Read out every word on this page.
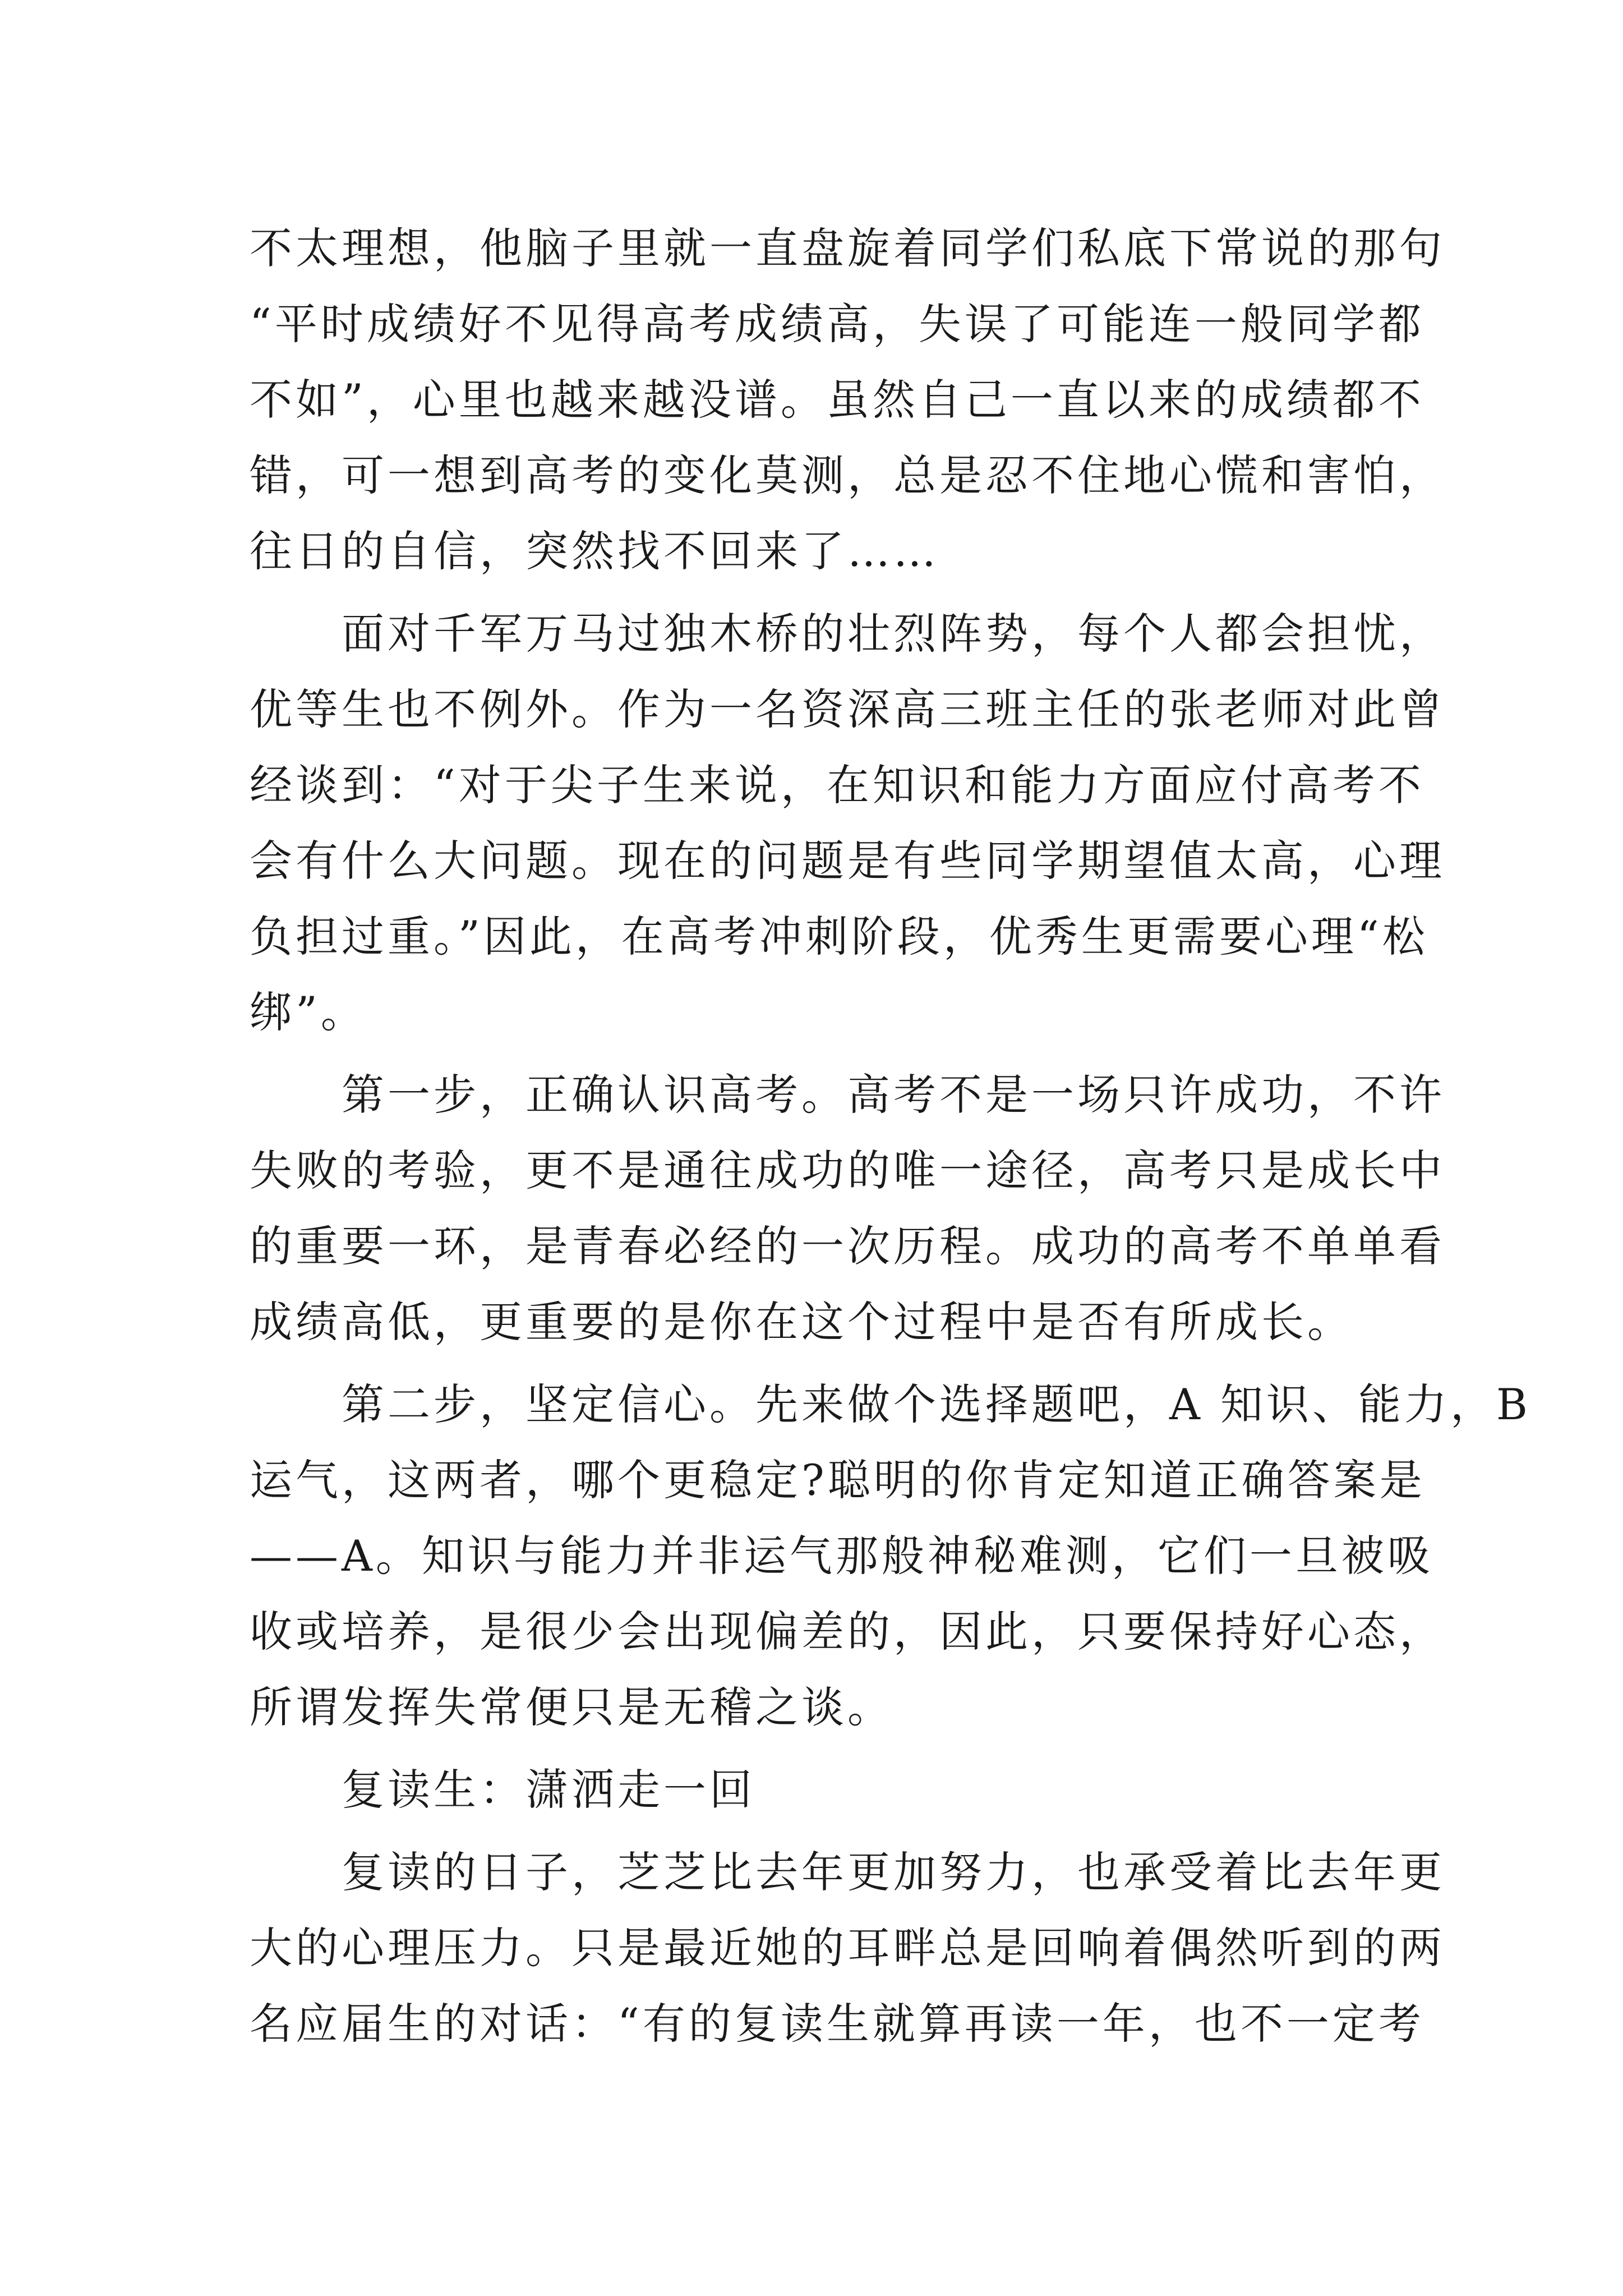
不太理想，他脑子里就一直盘旋着同学们私底下常说的那句
“平时成绩好不见得高考成绩高，失误了可能连一般同学都
不如”，心里也越来越没谱。虽然自己一直以来的成绩都不
错，可一想到高考的变化莫测，总是忍不住地心慌和害怕，
往日的自信，突然找不回来了……
　　面对千军万马过独木桥的壮烈阵势，每个人都会担忧，
优等生也不例外。作为一名资深高三班主任的张老师对此曾
经谈到：“对于尖子生来说，在知识和能力方面应付高考不
会有什么大问题。现在的问题是有些同学期望值太高，心理
负担过重。”因此，在高考冲刺阶段，优秀生更需要心理“松
绑”。
　　第一步，正确认识高考。高考不是一场只许成功，不许
失败的考验，更不是通往成功的唯一途径，高考只是成长中
的重要一环，是青春必经的一次历程。成功的高考不单单看
成绩高低，更重要的是你在这个过程中是否有所成长。
　　第二步，坚定信心。先来做个选择题吧，A 知识、能力，B
运气，这两者，哪个更稳定?聪明的你肯定知道正确答案是
——A。知识与能力并非运气那般神秘难测，它们一旦被吸
收或培养，是很少会出现偏差的，因此，只要保持好心态，
所谓发挥失常便只是无稽之谈。
　　复读生：潇洒走一回
　　复读的日子，芝芝比去年更加努力，也承受着比去年更
大的心理压力。只是最近她的耳畔总是回响着偶然听到的两
名应届生的对话：“有的复读生就算再读一年，也不一定考
